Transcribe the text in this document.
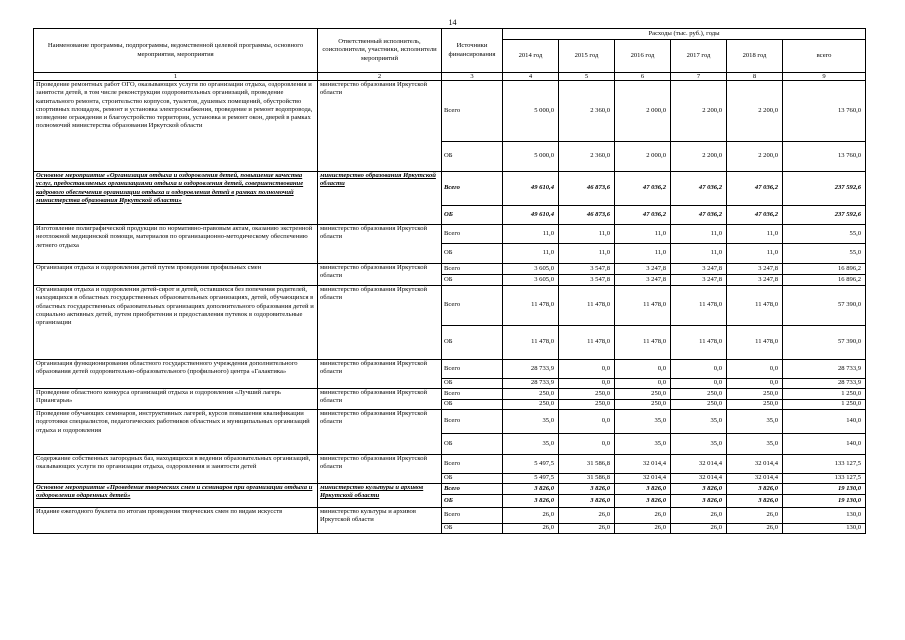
14
Наименование программы, подпрограммы, ведомственной целевой программы, основного мероприятия, мероприятия	Ответственный исполнитель, соисполнители, участники, исполнители мероприятий	Источники финансирования	Расходы (тыс. руб.), годы					
			2014 год	2015 год	2016 год	2017 год	2018 год	всего
1	2	3	4	5	6	7	8	9
Проведение ремонтных работ ОГО, оказывающих услуги по организации отдыха, оздоровления и занятости детей, в том числе реконструкция оздоровительных организаций, проведение капитального ремонта, строительство корпусов, туалетов, душевых помещений, обустройство спортивных площадок, ремонт и установка электроснабжения, проведение и ремонт водопровода, возведение ограждения и благоустройство территории, установка и ремонт окон, дверей в рамках полномочий министерства образования Иркутской области	министерство образования Иркутской области	Всего	5 000,0	2 360,0	2 000,0	2 200,0	2 200,0	13 760,0
		ОБ	5 000,0	2 360,0	2 000,0	2 200,0	2 200,0	13 760,0
Основное мероприятие «Организация отдыха и оздоровления детей, повышение качества услуг, предоставляемых организациями отдыха и оздоровления детей, совершенствование кадрового обеспечения организации отдыха и оздоровления детей в рамках полномочий министерства образования Иркутской области»	министерство образования Иркутской области	Всего	49 610,4	46 873,6	47 036,2	47 036,2	47 036,2	237 592,6
		ОБ	49 610,4	46 873,6	47 036,2	47 036,2	47 036,2	237 592,6
Изготовление полиграфической продукции по нормативно-правовым актам, оказанию экстренной неотложной медицинской помощи, материалов по организационно-методическому обеспечению летнего отдыха	министерство образования Иркутской области	Всего	11,0	11,0	11,0	11,0	11,0	55,0
		ОБ	11,0	11,0	11,0	11,0	11,0	55,0
Организация отдыха и оздоровления детей путем проведения профильных смен	министерство образования Иркутской области	Всего	3 605,0	3 547,8	3 247,8	3 247,8	3 247,8	16 896,2
		ОБ	3 605,0	3 547,8	3 247,8	3 247,8	3 247,8	16 896,2
Организация отдыха и оздоровления детей-сирот и детей, оставшихся без попечения родителей, находящихся в областных государственных образовательных организациях, детей, обучающихся в областных государственных образовательных организациях дополнительного образования детей и социально активных детей, путем приобретения и предоставления путевок в оздоровительные организации	министерство образования Иркутской области	Всего	11 478,0	11 478,0	11 478,0	11 478,0	11 478,0	57 390,0
		ОБ	11 478,0	11 478,0	11 478,0	11 478,0	11 478,0	57 390,0
Организация функционирования областного государственного учреждения дополнительного образования детей оздоровительно-образовательного (профильного) центра «Галактика»	министерство образования Иркутской области	Всего	28 733,9	0,0	0,0	0,0	0,0	28 733,9
		ОБ	28 733,9	0,0	0,0	0,0	0,0	28 733,9
Проведение областного конкурса организаций отдыха и оздоровления «Лучший лагерь Приангарья»	министерство образования Иркутской области	Всего	250,0	250,0	250,0	250,0	250,0	1 250,0
		ОБ	250,0	250,0	250,0	250,0	250,0	1 250,0
Проведение обучающих семинаров, инструктивных лагерей, курсов повышения квалификации подготовки специалистов, педагогических работников областных и муниципальных организаций отдыха и оздоровления	министерство образования Иркутской области	Всего	35,0	0,0	35,0	35,0	35,0	140,0
		ОБ	35,0	0,0	35,0	35,0	35,0	140,0
Содержание собственных загородных баз, находящихся в ведении образовательных организаций, оказывающих услуги по организации отдыха, оздоровления и занятости детей	министерство образования Иркутской области	Всего	5 497,5	31 586,8	32 014,4	32 014,4	32 014,4	133 127,5
		ОБ	5 497,5	31 586,8	32 014,4	32 014,4	32 014,4	133 127,5
Основное мероприятие «Проведение творческих смен и семинаров при организации отдыха и оздоровления одаренных детей»	министерство культуры и архивов Иркутской области	Всего	3 826,0	3 826,0	3 826,0	3 826,0	3 826,0	19 130,0
		ОБ	3 826,0	3 826,0	3 826,0	3 826,0	3 826,0	19 130,0
Издание ежегодного буклета по итогам проведения творческих смен по видам искусств	министерство культуры и архивов Иркутской области	Всего	26,0	26,0	26,0	26,0	26,0	130,0
		ОБ	26,0	26,0	26,0	26,0	26,0	130,0
